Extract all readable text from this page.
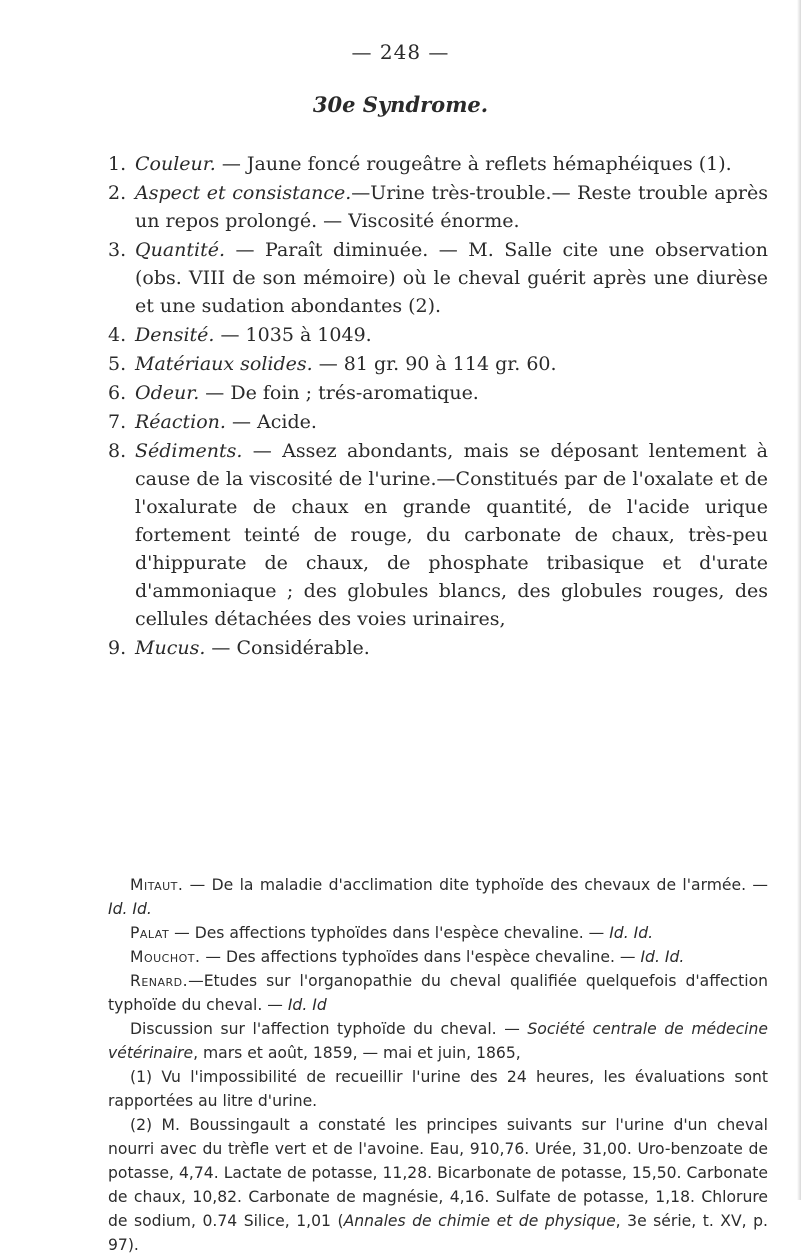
— 248 —
30e Syndrome.
1. Couleur. — Jaune foncé rougeâtre à reflets hémaphéiques (1).
2. Aspect et consistance.—Urine très-trouble.— Reste trouble après un repos prolongé. — Viscosité énorme.
3. Quantité. — Paraît diminuée. — M. Salle cite une observation (obs. VIII de son mémoire) où le cheval guérit après une diurèse et une sudation abondantes (2).
4. Densité. — 1035 à 1049.
5. Matériaux solides. — 81 gr. 90 à 114 gr. 60.
6. Odeur. — De foin ; trés-aromatique.
7. Réaction. — Acide.
8. Sédiments. — Assez abondants, mais se déposant lentement à cause de la viscosité de l'urine.—Constitués par de l'oxalate et de l'oxalurate de chaux en grande quantité, de l'acide urique fortement teinté de rouge, du carbonate de chaux, très-peu d'hippurate de chaux, de phosphate tribasique et d'urate d'ammoniaque ; des globules blancs, des globules rouges, des cellules détachées des voies urinaires,
9. Mucus. — Considérable.

Mitaut. — De la maladie d'acclimation dite typhoïde des chevaux de l'armée. — Id. Id.

Palat — Des affections typhoïdes dans l'espèce chevaline. — Id. Id.

Mouchot. — Des affections typhoïdes dans l'espèce chevaline. — Id. Id.

Renard.—Etudes sur l'organopathie du cheval qualifiée quelquefois d'affection typhoïde du cheval. — Id. Id

Discussion sur l'affection typhoïde du cheval. — Société centrale de médecine vétérinaire, mars et août, 1859, — mai et juin, 1865,

(1) Vu l'impossibilité de recueillir l'urine des 24 heures, les évaluations sont rapportées au litre d'urine.

(2) M. Boussingault a constaté les principes suivants sur l'urine d'un cheval nourri avec du trèfle vert et de l'avoine. Eau, 910,76. Urée, 31,00. Uro-benzoate de potasse, 4,74. Lactate de potasse, 11,28. Bicarbonate de potasse, 15,50. Carbonate de chaux, 10,82. Carbonate de magnésie, 4,16. Sulfate de potasse, 1,18. Chlorure de sodium, 0.74 Silice, 1,01 (Annales de chimie et de physique, 3e série, t. XV, p. 97).
